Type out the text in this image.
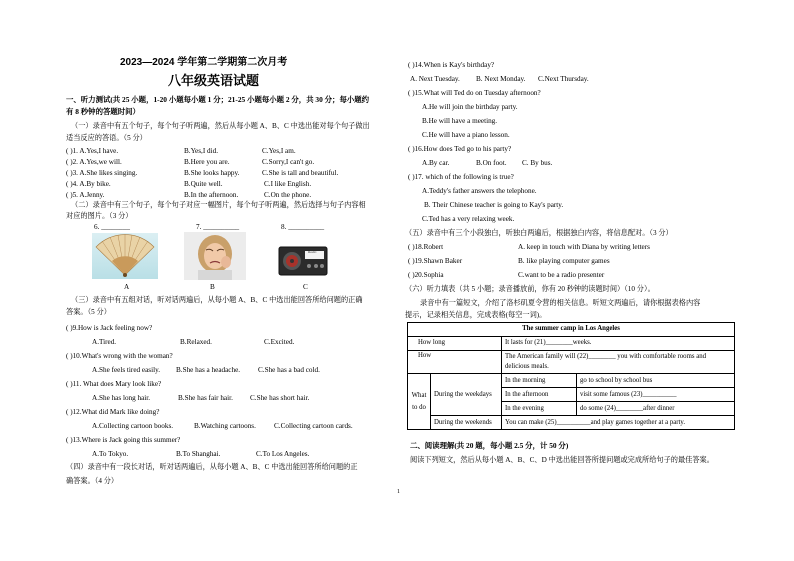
2023—2024 学年第二学期第二次月考
八年级英语试题
一、听力测试(共 25 小题，1-20 小题每小题 1 分；21-25 小题每小题 2 分，共 30 分；每小题约
有 8 秒钟的答题时间）
（一）录音中有五个句子，每个句子听两遍，然后从每小题 A、B、C 中选出能对每个句子做出
适当反应的答语。（5 分）
( )1. A.Yes,I have.	B.Yes,I did.	C.Yes,I am.
( )2. A.Yes,we will.	B.Here you are.	C.Sorry,I can't go.
( )3. A.She likes singing.	B.She looks happy.	C.She is tall and beautiful.
( )4. A.By bike.	B.Quite well.	C.I like English.
( )5. A.Jenny.	B.In the afternoon.	C.On the phone.
（二）录音中有三个句子，每个句子对应一幅图片，每个句子听两遍，然后选择与句子内容相
对应的图片。（3 分）
6. ________	7. __________	8. __________
Radio
A	B	C
（三）录音中有五组对话，听对话两遍后，从每小题 A、B、C 中选出能回答所给问题的正确
答案。（5 分）
( )9.How is Jack feeling now?
A.Tired.	B.Relaxed.	C.Excited.
( )10.What's wrong with the woman?
A.She feels tired easily. B.She has a headache. C.She has a bad cold.
( )11. What does Mary look like?
A.She has long hair.	B.She has fair hair. C.She has short hair.
( )12.What did Mark like doing?
A.Collecting cartoon books.	B.Watching cartoons.	C.Collecting cartoon cards.
( )13.Where is Jack going this summer?
A.To Tokyo.	B.To Shanghai.	C.To Los Angeles.
（四）录音中有一段长对话，听对话两遍后，从每小题 A、B、C 中选出能回答所给问题的正
确答案。（4 分）
( )14.When is Kay's birthday?
A. Next Tuesday. B. Next Monday. C.Next Thursday.
( )15.What will Ted do on Tuesday afternoon?
A.He will join the birthday party.
B.He will have a meeting.
C.He will have a piano lesson.
( )16.How does Ted go to his party?
A.By car.	B.On foot. C. By bus.
( )17. which of the following is true?
A.Teddy's father answers the telephone.
B. Their Chinese teacher is going to Kay's party.
C.Ted has a very relaxing week.
（五）录音中有三个小段独白，听独白两遍后，根据独白内容，将信息配对。（3 分）
( )18.Robert	A. keep in touch with Diana by writing letters
( )19.Shawn Baker	B. like playing computer games
( )20.Sophia	C.want to be a radio presenter
（六）听力填表（共 5 小题；录音播放前，你有 20 秒钟的读题时间）（10 分）。
录音中有一篇短文，介绍了洛杉矶夏令营的相关信息。听短文两遍后，请你根据表格内容
提示，记录相关信息，完成表格(每空一词)。
The summer camp in Los Angeles			
How long		It lasts for (21)________weeks.	
How		The American family will (22)________ you with comfortable rooms and delicious meals.	
What to do	During the weekdays	In the morning	go to school by school bus
		In the afternoon	visit some famous (23)__________
		In the evening	do some (24)________after dinner
	During the weekends	You can make (25)__________and play games together at a party.	
二、阅读理解(共 20 题，每小题 2.5 分，计 50 分)
阅读下列短文，然后从每小题 A、B、C、D 中选出能回答所提问题或完成所给句子的最佳答案。
1
